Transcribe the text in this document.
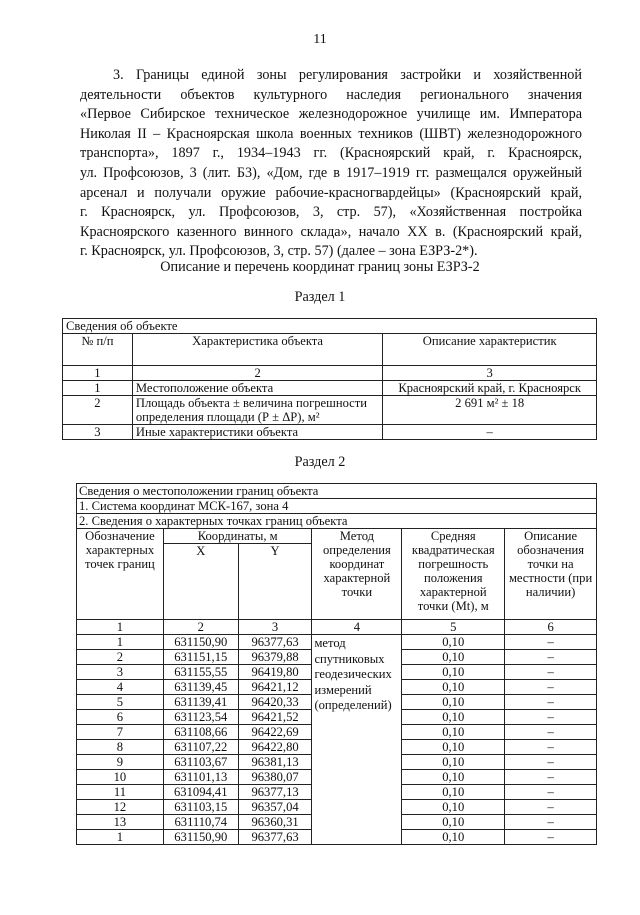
11
3. Границы единой зоны регулирования застройки и хозяйственной
деятельности объектов культурного наследия регионального значения
«Первое Сибирское техническое железнодорожное училище им. Императора
Николая II – Красноярская школа военных техников (ШВТ) железнодорожного
транспорта», 1897 г., 1934–1943 гг. (Красноярский край, г. Красноярск,
ул. Профсоюзов, 3 (лит. Б3), «Дом, где в 1917–1919 гг. размещался оружейный
арсенал и получали оружие рабочие-красногвардейцы» (Красноярский край,
г. Красноярск, ул. Профсоюзов, 3, стр. 57), «Хозяйственная постройка
Красноярского казенного винного склада», начало XX в. (Красноярский край,
г. Красноярск, ул. Профсоюзов, 3, стр. 57) (далее – зона ЕЗРЗ-2*).
Описание и перечень координат границ зоны ЕЗРЗ-2
Раздел 1
Сведения об объекте		
№ п/п	Характеристика объекта	Описание характеристик
1	2	3
1	Местоположение объекта	Красноярский край, г. Красноярск
2	Площадь объекта ± величина погрешности определения площади (Р ± ΔР), м²	2 691 м² ± 18
3	Иные характеристики объекта	–
Раздел 2
Сведения о местоположении границ объекта					
1. Система координат МСК-167, зона 4					
2. Сведения о характерных точках границ объекта					
Обозначение характерных точек границ	Координаты, м		Метод определения координат характерной точки	Средняя квадратическая погрешность положения характерной точки (Mt), м	Описание обозначения точки на местности (при наличии)
	X	Y			
1	2	3	4	5	6
1	631150,90	96377,63	метод спутниковых геодезических измерений (определений)	0,10	–
2	631151,15	96379,88		0,10	–
3	631155,55	96419,80		0,10	–
4	631139,45	96421,12		0,10	–
5	631139,41	96420,33		0,10	–
6	631123,54	96421,52		0,10	–
7	631108,66	96422,69		0,10	–
8	631107,22	96422,80		0,10	–
9	631103,67	96381,13		0,10	–
10	631101,13	96380,07		0,10	–
11	631094,41	96377,13		0,10	–
12	631103,15	96357,04		0,10	–
13	631110,74	96360,31		0,10	–
1	631150,90	96377,63		0,10	–
